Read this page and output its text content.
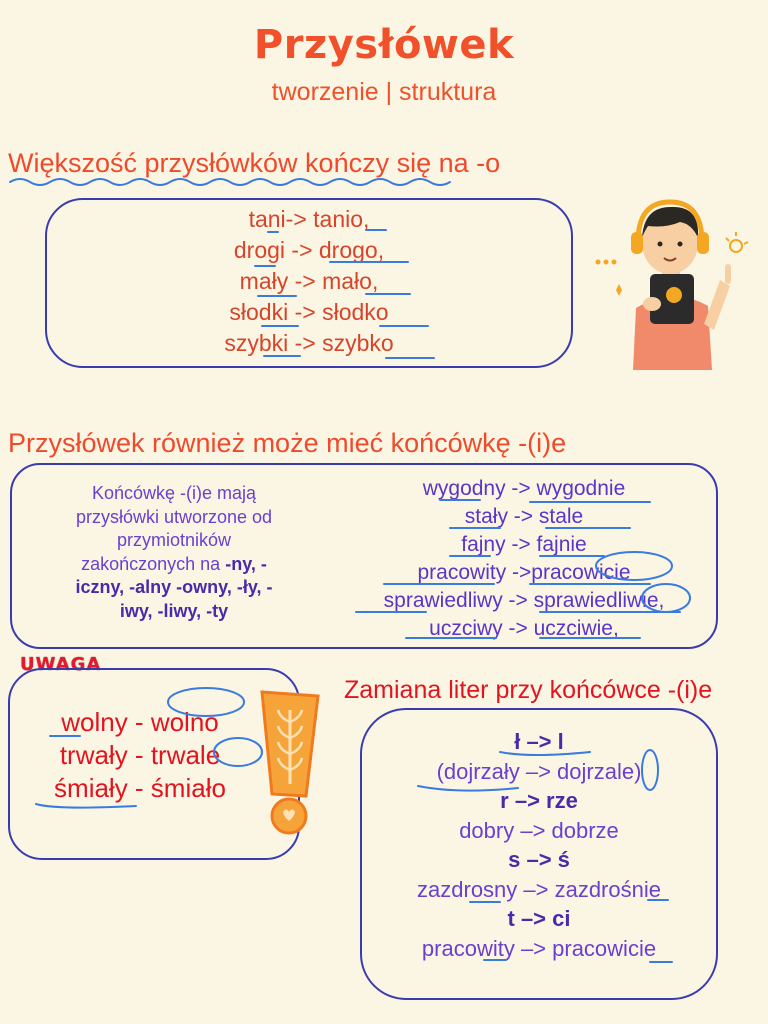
Przysłówek
tworzenie | struktura
Większość przysłówków kończy się na -o
tani-> tanio,
drogi -> drogo,
mały -> mało,
słodki -> słodko
szybki -> szybko
Przysłówek również może mieć końcówkę -(i)e
Końcówkę -(i)e mają
przysłówki utworzone od
przymiotników
zakończonych na -ny, -
iczny, -alny -owny, -ły, -
iwy, -liwy, -ty
wygodny -> wygodnie
stały -> stale
fajny -> fajnie
pracowity ->pracowicie
sprawiedliwy -> sprawiedliwie,
uczciwy -> uczciwie,
UWAGA
wolny - wolno
trwały - trwale
śmiały - śmiało
Zamiana liter przy końcówce -(i)e
ł –> l
(dojrzały –> dojrzale)
r –> rze
dobry –> dobrze
s –> ś
zazdrosny –> zazdrośnie
t –> ci
pracowity –> pracowicie
